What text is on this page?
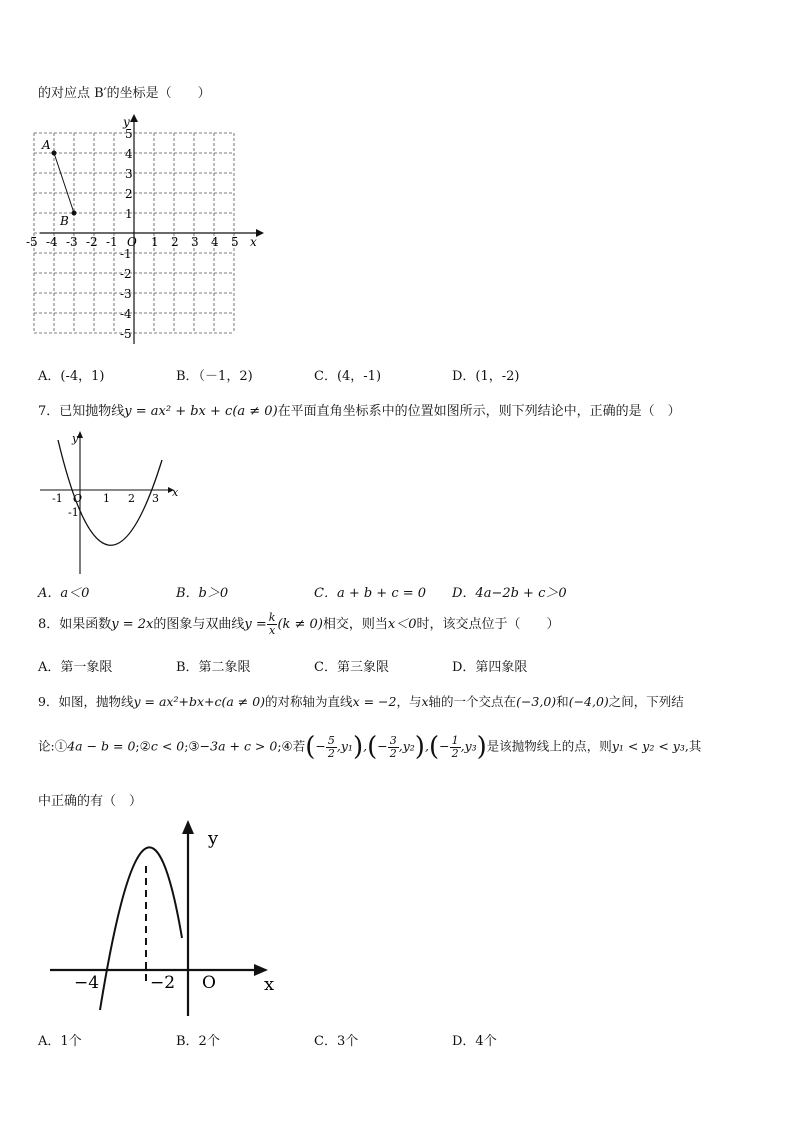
的对应点 B′的坐标是（　　）
x
y
O
-5 -4 -3 -2 -1	1 2 3 4 5
5
4
3
2
1
-1
-2
-3
-4
-5
A
B
A．(-4，1)	B．（－1，2)	C．(4，-1)	D．(1，-2)
7．已知抛物线y = ax² + bx + c(a ≠ 0)在平面直角坐标系中的位置如图所示，则下列结论中，正确的是（　）
y
x
O
-1	1 2 3
-1
A．a＜0	B．b＞0	C．a + b + c = 0 D．4a−2b + c＞0
8．如果函数y = 2x的图象与双曲线$y = \frac{k}{x} (k \ne 0)$相交，则当x＜0时，该交点位于（　　）
A．第一象限	B．第二象限	C．第三象限	D．第四象限
9．如图，抛物线y = ax²+bx+c(a ≠ 0)的对称轴为直线x = −2，与x轴的一个交点在(−3,0)和(−4,0)之间，下列结
论:①4a − b = 0;②c < 0;③−3a + c > 0;④若(− $\frac{5}{2} ,y_1),(- \frac{3}{2} ,y_2),(- \frac{1}{2} ,y_3)$是该抛物线上的点，则y₁ < y₂ < y₃,其
中正确的有（　）
y
x
O
−4	−2
A．1个	B．2个	C．3个	D．4个
